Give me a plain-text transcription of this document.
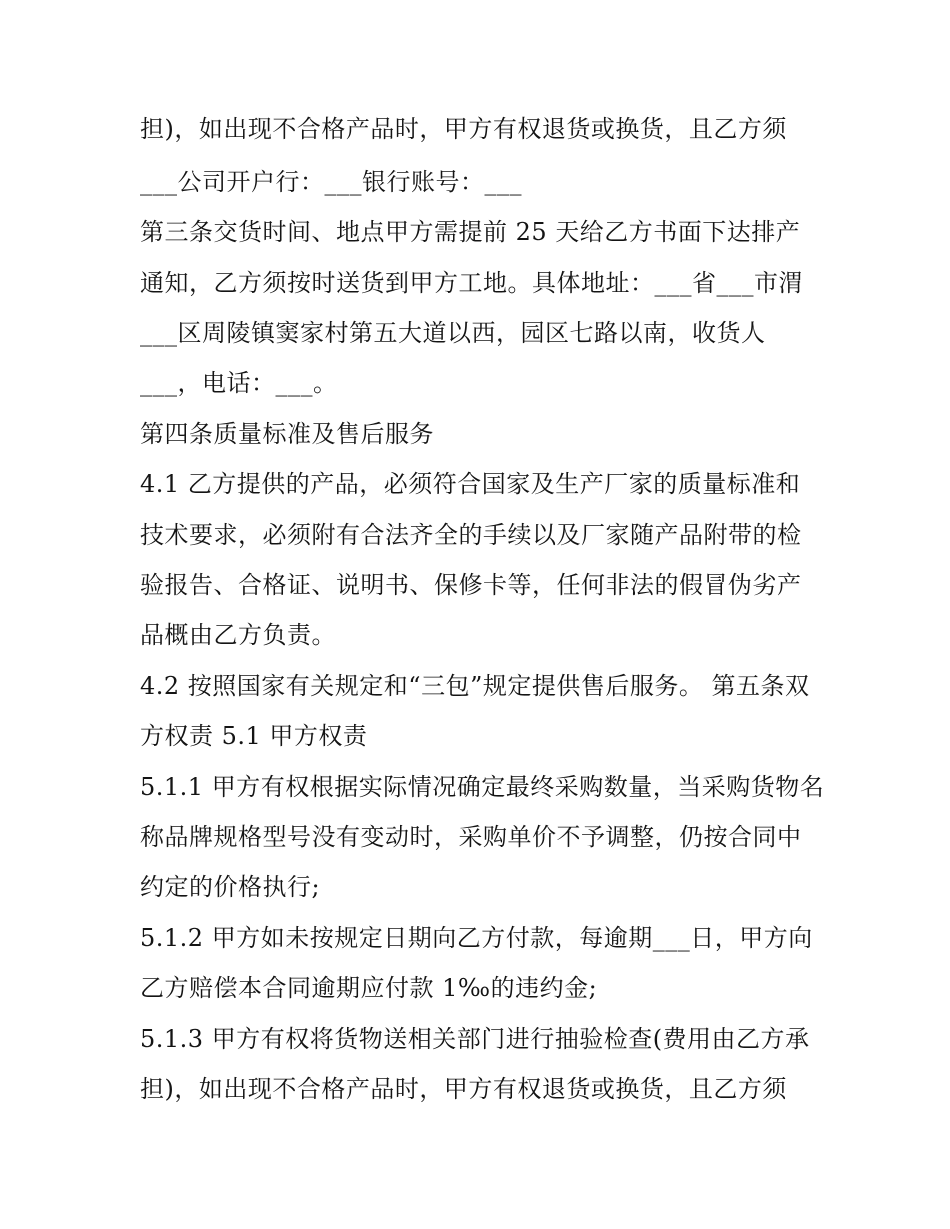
担)，如出现不合格产品时，甲方有权退货或换货，且乙方须
___公司开户行：___银行账号：___
第三条交货时间、地点甲方需提前 25 天给乙方书面下达排产
通知，乙方须按时送货到甲方工地。具体地址：___省___市渭
___区周陵镇窦家村第五大道以西，园区七路以南，收货人
___，电话：___。
第四条质量标准及售后服务
4.1 乙方提供的产品，必须符合国家及生产厂家的质量标准和
技术要求，必须附有合法齐全的手续以及厂家随产品附带的检
验报告、合格证、说明书、保修卡等，任何非法的假冒伪劣产
品概由乙方负责。
4.2 按照国家有关规定和“三包”规定提供售后服务。 第五条双
方权责 5.1 甲方权责
5.1.1 甲方有权根据实际情况确定最终采购数量，当采购货物名
称品牌规格型号没有变动时，采购单价不予调整，仍按合同中
约定的价格执行;
5.1.2 甲方如未按规定日期向乙方付款，每逾期___日，甲方向
乙方赔偿本合同逾期应付款 1‰的违约金;
5.1.3 甲方有权将货物送相关部门进行抽验检查(费用由乙方承
担)，如出现不合格产品时，甲方有权退货或换货，且乙方须
